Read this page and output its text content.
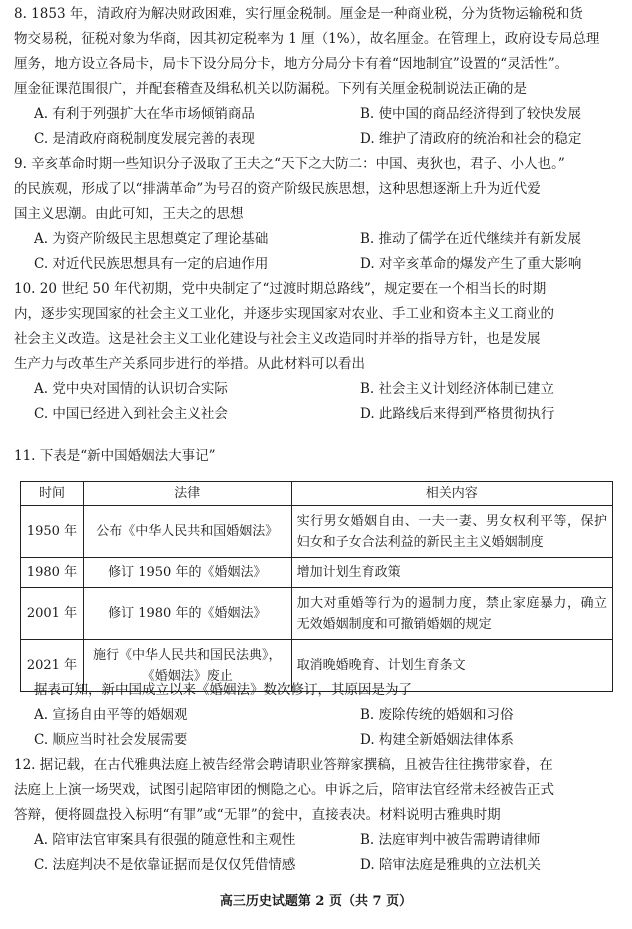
8. 1853 年，清政府为解决财政困难，实行厘金税制。厘金是一种商业税，分为货物运输税和货
物交易税，征税对象为华商，因其初定税率为 1 厘（1%），故名厘金。在管理上，政府设专局总理
厘务，地方设立各局卡，局卡下设分局分卡，地方分局分卡有着“因地制宜”设置的“灵活性”。
厘金征课范围很广，并配套稽查及缉私机关以防漏税。下列有关厘金税制说法正确的是
A. 有利于列强扩大在华市场倾销商品	B. 使中国的商品经济得到了较快发展
C. 是清政府商税制度发展完善的表现	D. 维护了清政府的统治和社会的稳定
9. 辛亥革命时期一些知识分子汲取了王夫之“天下之大防二：中国、夷狄也，君子、小人也。”
的民族观，形成了以“排满革命”为号召的资产阶级民族思想，这种思想逐渐上升为近代爱
国主义思潮。由此可知，王夫之的思想
A. 为资产阶级民主思想奠定了理论基础	B. 推动了儒学在近代继续并有新发展
C. 对近代民族思想具有一定的启迪作用	D. 对辛亥革命的爆发产生了重大影响
10. 20 世纪 50 年代初期，党中央制定了“过渡时期总路线”，规定要在一个相当长的时期
内，逐步实现国家的社会主义工业化，并逐步实现国家对农业、手工业和资本主义工商业的
社会主义改造。这是社会主义工业化建设与社会主义改造同时并举的指导方针，也是发展
生产力与改革生产关系同步进行的举措。从此材料可以看出
A. 党中央对国情的认识切合实际	B. 社会主义计划经济体制已建立
C. 中国已经进入到社会主义社会	D. 此路线后来得到严格贯彻执行
11. 下表是“新中国婚姻法大事记”
时间	法律	相关内容
1950 年	公布《中华人民共和国婚姻法》	实行男女婚姻自由、一夫一妻、男女权利平等，保护妇女和子女合法利益的新民主主义婚姻制度
1980 年	修订 1950 年的《婚姻法》	增加计划生育政策
2001 年	修订 1980 年的《婚姻法》	加大对重婚等行为的遏制力度，禁止家庭暴力，确立无效婚姻制度和可撤销婚姻的规定
2021 年	施行《中华人民共和国民法典》，《婚姻法》废止	取消晚婚晚育、计划生育条文
据表可知，新中国成立以来《婚姻法》数次修订，其原因是为了
A. 宣扬自由平等的婚姻观	B. 废除传统的婚姻和习俗
C. 顺应当时社会发展需要	D. 构建全新婚姻法律体系
12. 据记载，在古代雅典法庭上被告经常会聘请职业答辩家撰稿，且被告往往携带家眷，在
法庭上上演一场哭戏，试图引起陪审团的恻隐之心。申诉之后，陪审法官经常未经被告正式
答辩，便将圆盘投入标明“有罪”或“无罪”的瓮中，直接表决。材料说明古雅典时期
A. 陪审法官审案具有很强的随意性和主观性	B. 法庭审判中被告需聘请律师
C. 法庭判决不是依靠证据而是仅仅凭借情感	D. 陪审法庭是雅典的立法机关
高三历史试题第 2 页（共 7 页）
